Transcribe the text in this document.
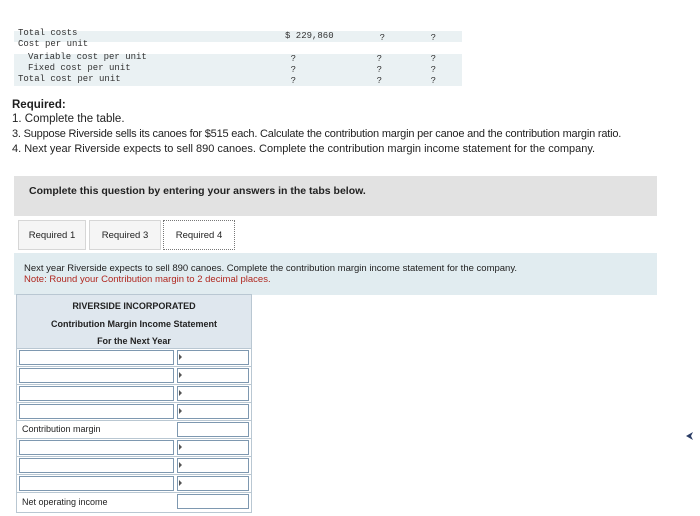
Total costs	$ 229,860	?	?
Cost per unit
Variable cost per unit	?	?	?
Fixed cost per unit	?	?	?
Total cost per unit	?	?	?
Required:
1. Complete the table.
3. Suppose Riverside sells its canoes for $515 each. Calculate the contribution margin per canoe and the contribution margin ratio.
4. Next year Riverside expects to sell 890 canoes. Complete the contribution margin income statement for the company.
Complete this question by entering your answers in the tabs below.
Required 1	Required 3	Required 4
Next year Riverside expects to sell 890 canoes. Complete the contribution margin income statement for the company.
Note: Round your Contribution margin to 2 decimal places.
RIVERSIDE INCORPORATED
Contribution Margin Income Statement
For the Next Year
Contribution margin
Net operating income
